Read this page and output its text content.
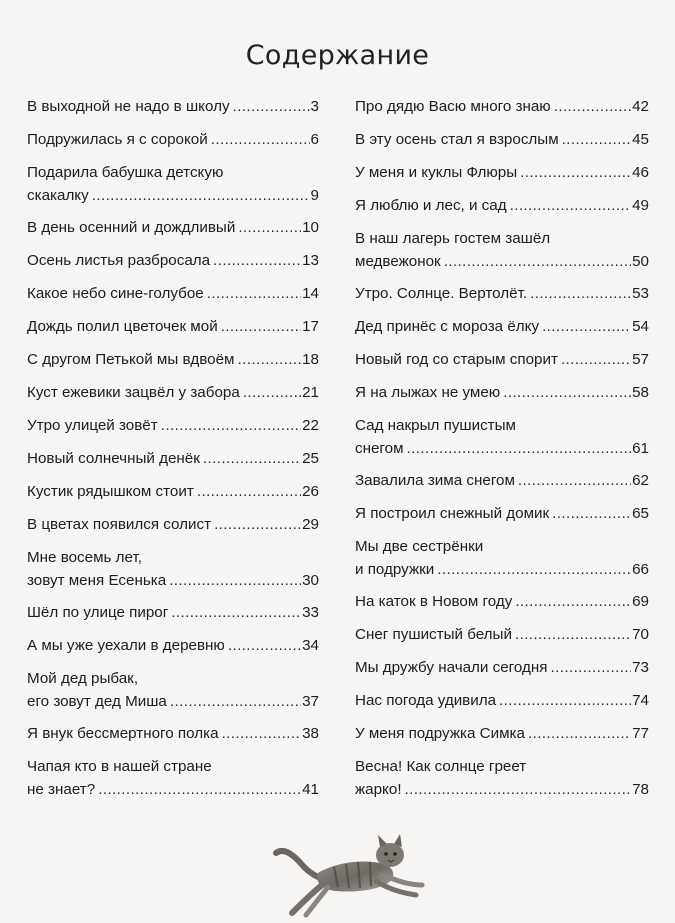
Содержание
В выходной не надо в школу .....	3
Подружилась я с сорокой .....	6
Подарила бабушка детскую
скакалку .....	9
В день осенний и дождливый .....	10
Осень листья разбросала .....	13
Какое небо сине-голубое .....	14
Дождь полил цветочек мой .....	17
С другом Петькой мы вдвоём .....	18
Куст ежевики зацвёл у забора .....	21
Утро улицей зовёт .....	22
Новый солнечный денёк .....	25
Кустик рядышком стоит .....	26
В цветах появился солист .....	29
Мне восемь лет,
зовут меня Есенька .....	30
Шёл по улице пирог .....	33
А мы уже уехали в деревню .....	34
Мой дед рыбак,
его зовут дед Миша .....	37
Я внук бессмертного полка .....	38
Чапая кто в нашей стране
не знает? .....	41
Про дядю Васю много знаю .....	42
В эту осень стал я взрослым .....	45
У меня и куклы Флюры .....	46
Я люблю и лес, и сад .....	49
В наш лагерь гостем зашёл
медвежонок .....	50
Утро. Солнце. Вертолёт. .....	53
Дед принёс с мороза ёлку .....	54
Новый год со старым спорит .....	57
Я на лыжах не умею .....	58
Сад накрыл пушистым
снегом .....	61
Завалила зима снегом .....	62
Я построил снежный домик .....	65
Мы две сестрёнки
и подружки .....	66
На каток в Новом году .....	69
Снег пушистый белый .....	70
Мы дружбу начали сегодня .....	73
Нас погода удивила .....	74
У меня подружка Симка .....	77
Весна! Как солнце греет
жарко! .....	78
